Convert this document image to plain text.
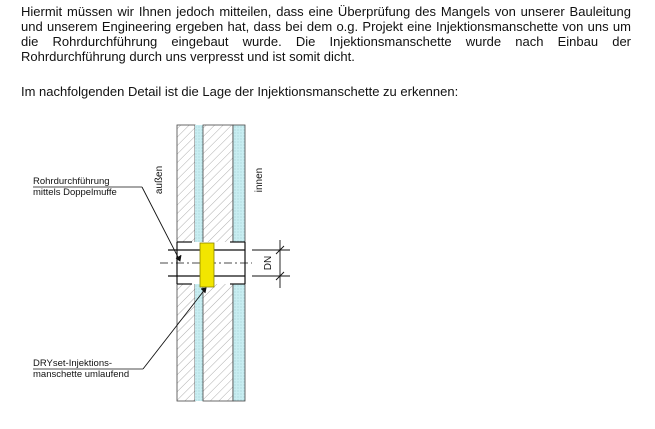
Hiermit müssen wir Ihnen jedoch mitteilen, dass eine Überprüfung des Mangels von unserer Bauleitung und unserem Engineering ergeben hat, dass bei dem o.g. Projekt eine Injektionsmanschette von uns um die Rohrdurchführung eingebaut wurde. Die Injektionsmanschette wurde nach Einbau der Rohrdurchführung durch uns verpresst und ist somit dicht.

Im nachfolgenden Detail ist die Lage der Injektionsmanschette zu erkennen:

DN
außen	innen
Rohrdurchführung
mittels Doppelmuffe
DRYset-Injektions-
manschette umlaufend
